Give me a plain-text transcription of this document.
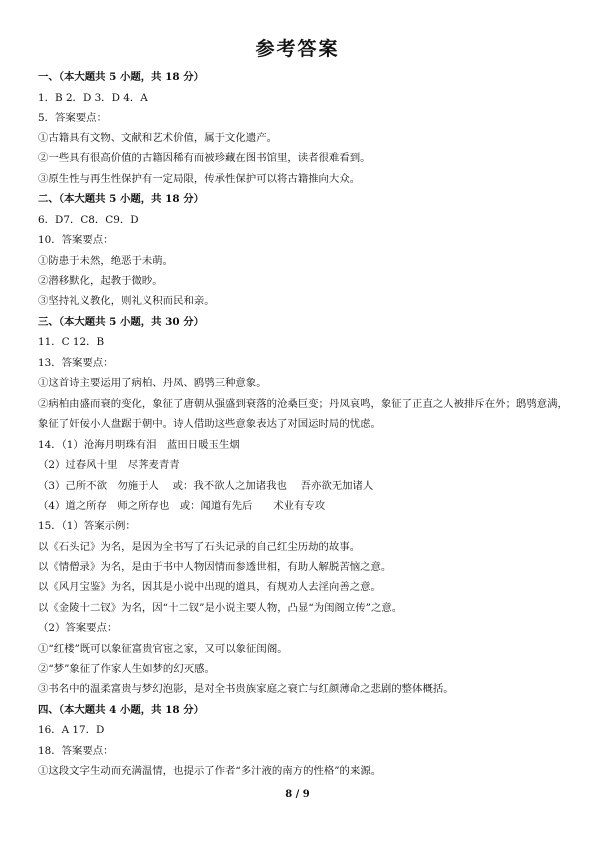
参考答案
一、（本大题共 5 小题，共 18 分）
1．B 2．D 3．D 4．A
5．答案要点：
①古籍具有文物、文献和艺术价值，属于文化遗产。
②一些具有很高价值的古籍因稀有而被珍藏在图书馆里，读者很难看到。
③原生性与再生性保护有一定局限，传承性保护可以将古籍推向大众。
二、（本大题共 5 小题，共 18 分）
6．D7．C8．C9．D
10．答案要点：
①防患于未然，绝恶于未萌。
②潜移默化，起教于微眇。
③坚持礼义教化，则礼义积而民和亲。
三、（本大题共 5 小题，共 30 分）
11．C 12．B
13．答案要点：
①这首诗主要运用了病柏、丹凤、鸥鸮三种意象。
②病柏由盛而衰的变化，象征了唐朝从强盛到衰落的沧桑巨变；丹凤哀鸣，象征了正直之人被排斥在外；鸱鸮意满，象征了奸佞小人盘踞于朝中。诗人借助这些意象表达了对国运时局的忧虑。
14．（1）沧海月明珠有泪　蓝田日暖玉生烟
（2）过春风十里　尽荠麦青青
（3）己所不欲　勿施于人　 或：我不欲人之加诸我也　 吾亦欲无加诸人
（4）道之所存　师之所存也　或：闻道有先后　　术业有专攻
15．（1）答案示例：
以《石头记》为名，是因为全书写了石头记录的自己红尘历劫的故事。
以《情僧录》为名，是由于书中人物因情而参透世相，有助人解脱苦恼之意。
以《风月宝鉴》为名，因其是小说中出现的道具，有规劝人去淫向善之意。
以《金陵十二钗》为名，因“十二钗”是小说主要人物，凸显“为闺阁立传”之意。
（2）答案要点：
①“红楼”既可以象征富贵官宦之家，又可以象征闺阁。
②“梦”象征了作家人生如梦的幻灭感。
③书名中的温柔富贵与梦幻泡影，是对全书贵族家庭之衰亡与红颜薄命之悲剧的整体概括。
四、（本大题共 4 小题，共 18 分）
16．A 17．D
18．答案要点：
①这段文字生动而充满温情，也提示了作者“多汁液的南方的性格”的来源。
8 / 9
